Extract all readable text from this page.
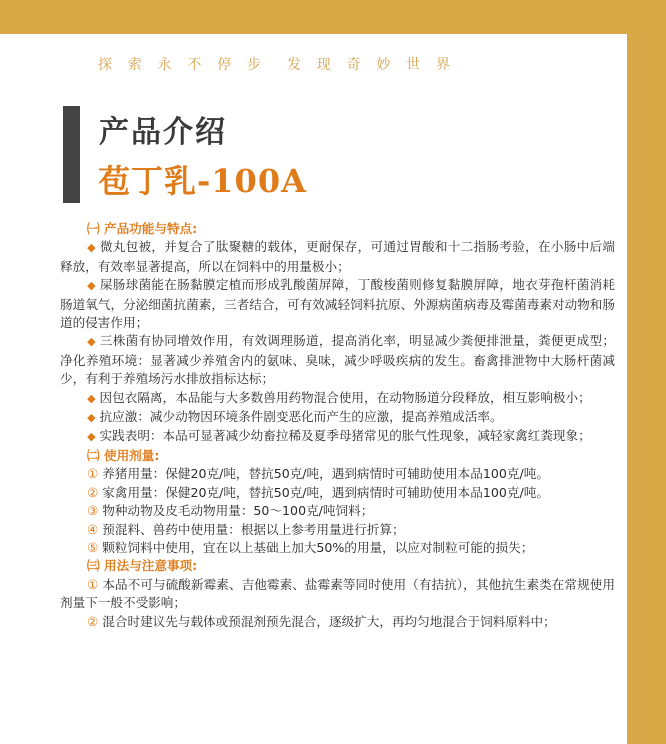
探 索 永 不 停 步 发 现 奇 妙 世 界
产品介绍
苞丁乳-100A

㈠ 产品功能与特点:

◆ 微丸包被，并复合了肽聚糖的载体，更耐保存，可通过胃酸和十二指肠考验，在小肠中后端释放，有效率显著提高，所以在饲料中的用量极小；

◆ 屎肠球菌能在肠黏膜定植而形成乳酸菌屏障，丁酸梭菌则修复黏膜屏障，地衣芽孢杆菌消耗肠道氧气，分泌细菌抗菌素，三者结合，可有效减轻饲料抗原、外源病菌病毒及霉菌毒素对动物和肠道的侵害作用；

◆ 三株菌有协同增效作用，有效调理肠道，提高消化率，明显减少粪便排泄量，粪便更成型；净化养殖环境：显著减少养殖舍内的氨味、臭味，减少呼吸疾病的发生。畜禽排泄物中大肠杆菌减少，有利于养殖场污水排放指标达标；

◆ 因包衣隔离，本品能与大多数兽用药物混合使用，在动物肠道分段释放，相互影响极小；

◆ 抗应激：减少动物因环境条件剧变恶化而产生的应激，提高养殖成活率。

◆ 实践表明：本品可显著减少幼畜拉稀及夏季母猪常见的胀气性现象，减轻家禽红粪现象；

㈡ 使用剂量:

① 养猪用量：保健20克/吨，替抗50克/吨，遇到病情时可辅助使用本品100克/吨。

② 家禽用量：保健20克/吨，替抗50克/吨，遇到病情时可辅助使用本品100克/吨。

③ 物种动物及皮毛动物用量：50～100克/吨饲料；

④ 预混料、兽药中使用量：根据以上参考用量进行折算；

⑤ 颗粒饲料中使用，宜在以上基础上加大50%的用量，以应对制粒可能的损失；

㈢ 用法与注意事项:

① 本品不可与硫酸新霉素、吉他霉素、盐霉素等同时使用（有拮抗），其他抗生素类在常规使用剂量下一般不受影响；

② 混合时建议先与载体或预混剂预先混合，逐级扩大，再均匀地混合于饲料原料中；
